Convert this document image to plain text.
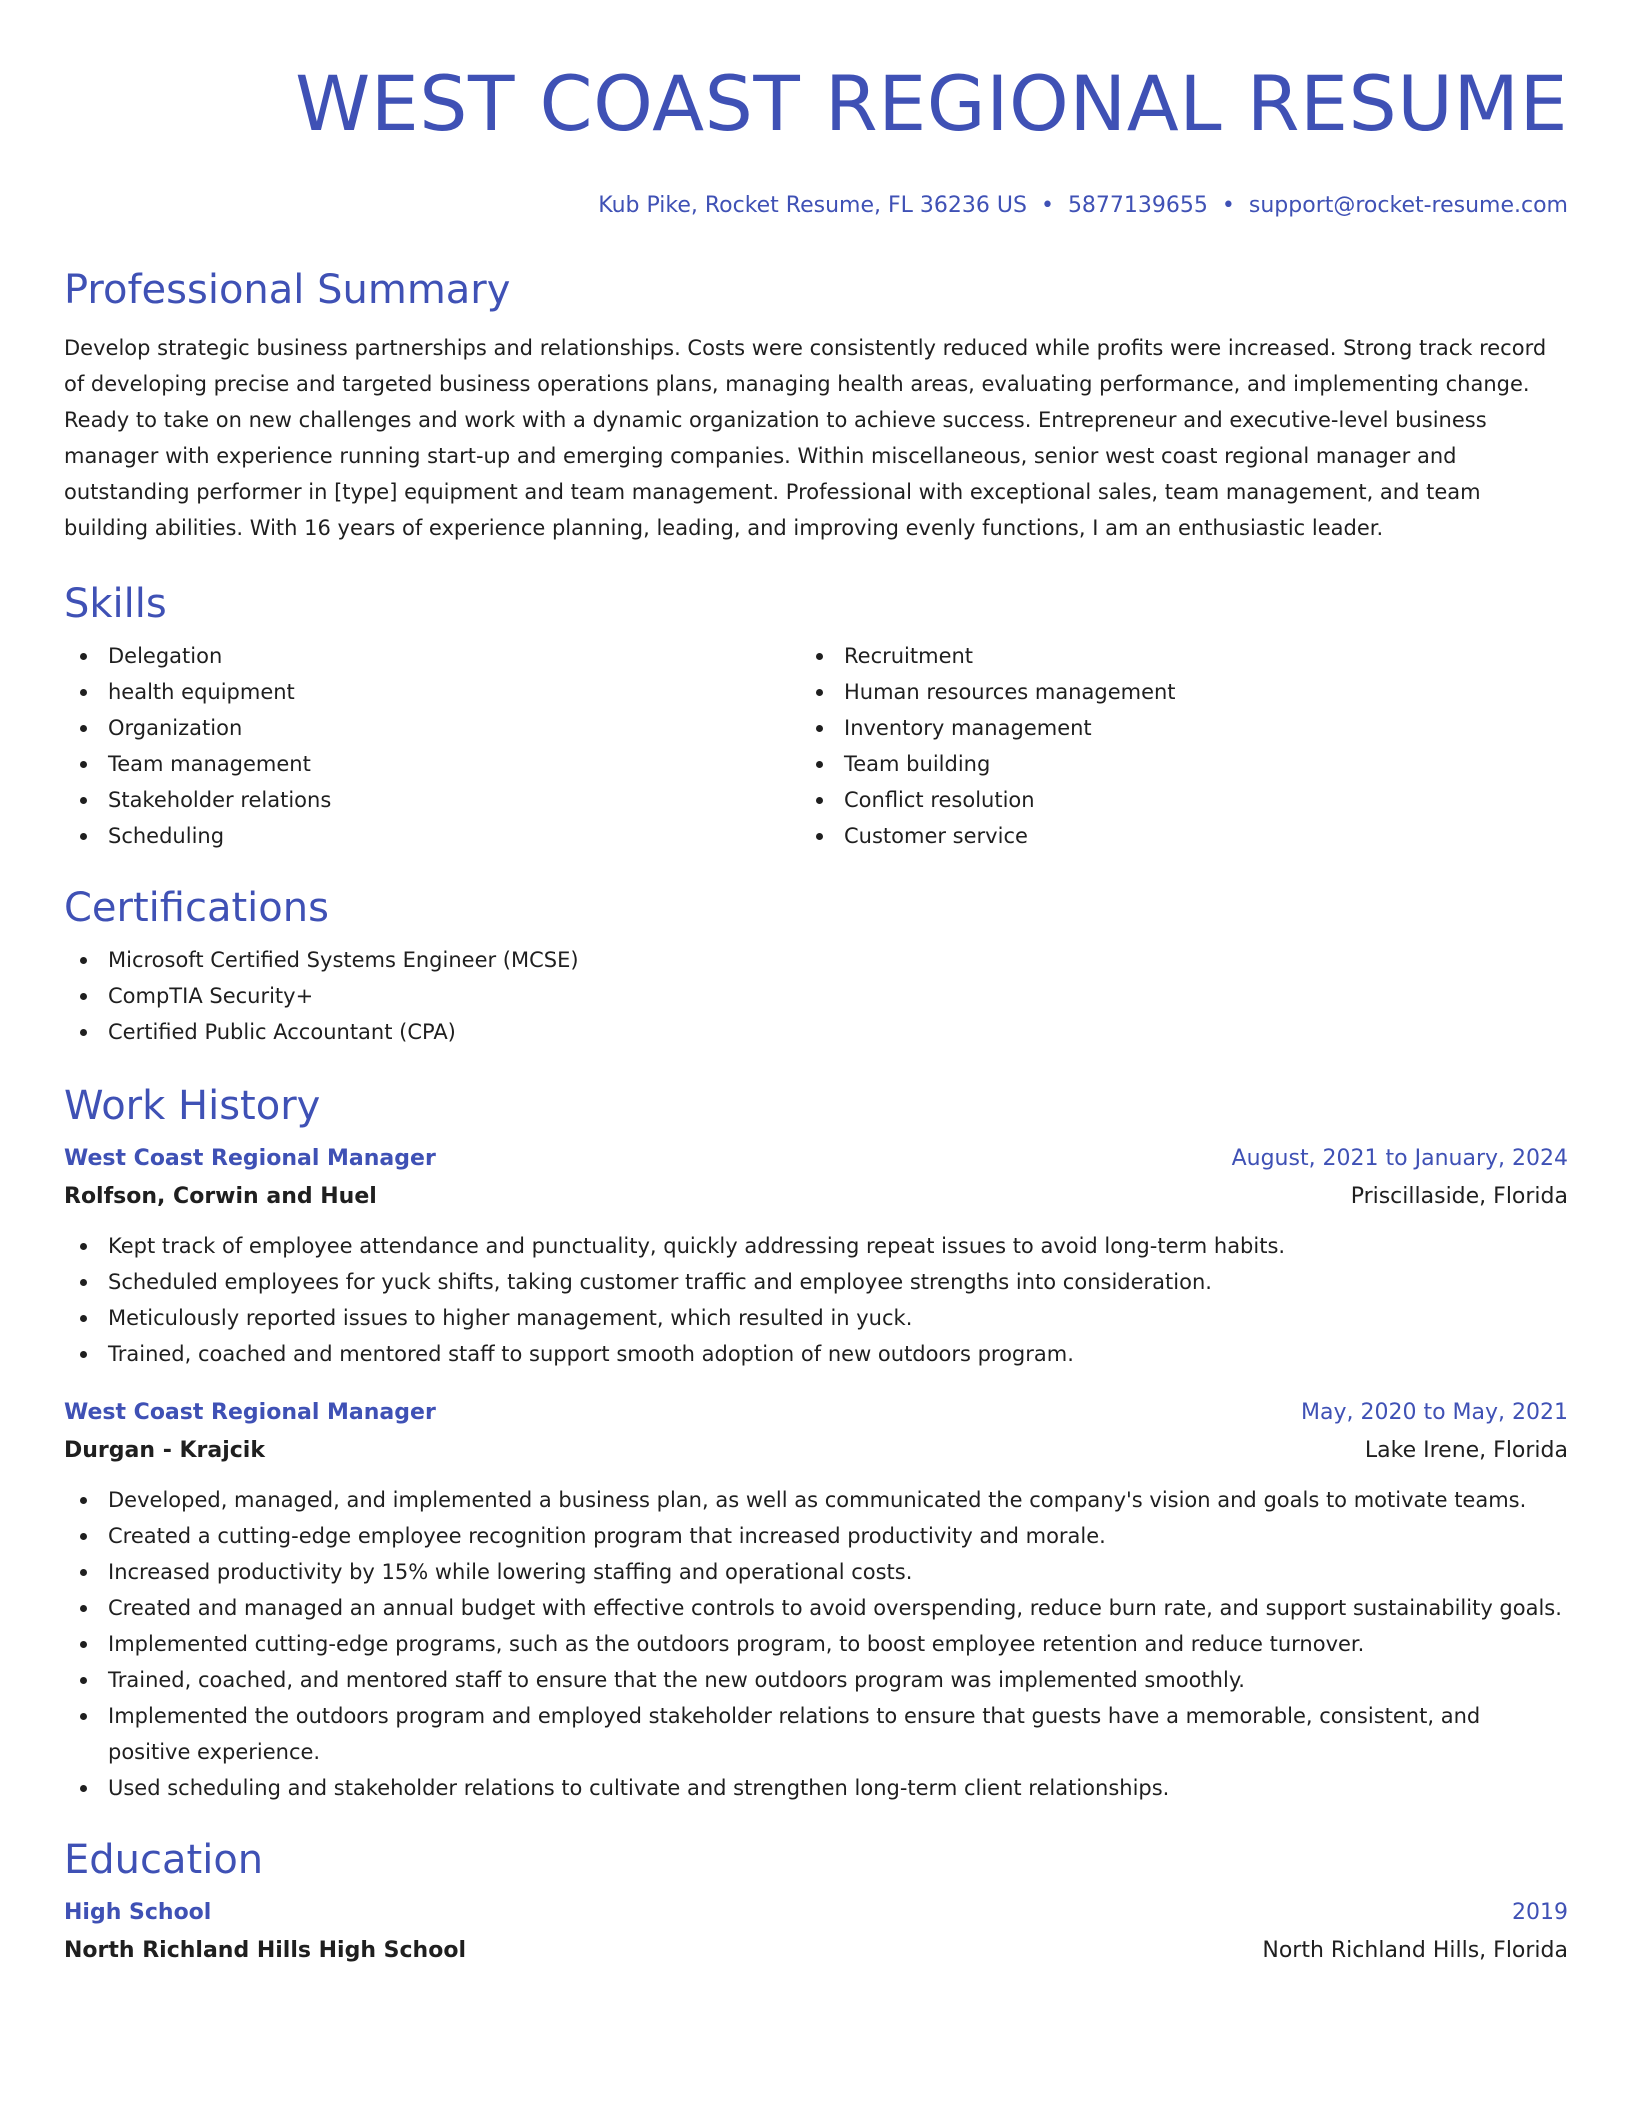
WEST COAST REGIONAL RESUME
Kub Pike, Rocket Resume, FL 36236 US • 5877139655 • support@rocket-resume.com
Professional Summary
Develop strategic business partnerships and relationships. Costs were consistently reduced while profits were increased. Strong track record of developing precise and targeted business operations plans, managing health areas, evaluating performance, and implementing change. Ready to take on new challenges and work with a dynamic organization to achieve success. Entrepreneur and executive-level business manager with experience running start-up and emerging companies. Within miscellaneous, senior west coast regional manager and outstanding performer in [type] equipment and team management. Professional with exceptional sales, team management, and team building abilities. With 16 years of experience planning, leading, and improving evenly functions, I am an enthusiastic leader.
Skills
Delegation
health equipment
Organization
Team management
Stakeholder relations
Scheduling
Recruitment
Human resources management
Inventory management
Team building
Conflict resolution
Customer service
Certifications
Microsoft Certified Systems Engineer (MCSE)
CompTIA Security+
Certified Public Accountant (CPA)
Work History
West Coast Regional Manager	August, 2021 to January, 2024
Rolfson, Corwin and Huel	Priscillaside, Florida
Kept track of employee attendance and punctuality, quickly addressing repeat issues to avoid long-term habits.
Scheduled employees for yuck shifts, taking customer traffic and employee strengths into consideration.
Meticulously reported issues to higher management, which resulted in yuck.
Trained, coached and mentored staff to support smooth adoption of new outdoors program.
West Coast Regional Manager	May, 2020 to May, 2021
Durgan - Krajcik	Lake Irene, Florida
Developed, managed, and implemented a business plan, as well as communicated the company's vision and goals to motivate teams.
Created a cutting-edge employee recognition program that increased productivity and morale.
Increased productivity by 15% while lowering staffing and operational costs.
Created and managed an annual budget with effective controls to avoid overspending, reduce burn rate, and support sustainability goals.
Implemented cutting-edge programs, such as the outdoors program, to boost employee retention and reduce turnover.
Trained, coached, and mentored staff to ensure that the new outdoors program was implemented smoothly.
Implemented the outdoors program and employed stakeholder relations to ensure that guests have a memorable, consistent, and positive experience.
Used scheduling and stakeholder relations to cultivate and strengthen long-term client relationships.
Education
High School	2019
North Richland Hills High School	North Richland Hills, Florida
